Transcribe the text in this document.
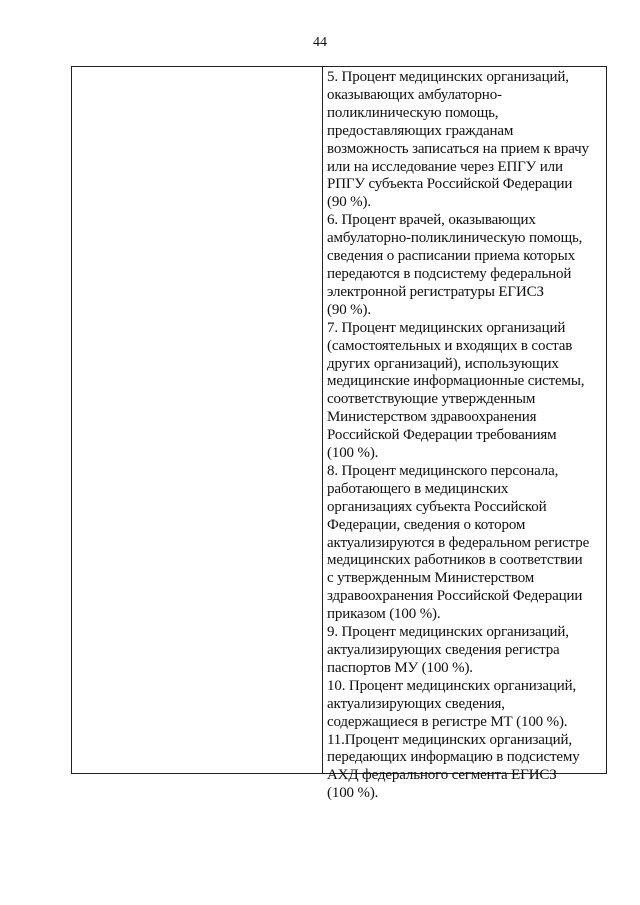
44
5. Процент медицинских организаций,
оказывающих амбулаторно-
поликлиническую помощь,
предоставляющих гражданам
возможность записаться на прием к врачу
или на исследование через ЕПГУ или
РПГУ субъекта Российской Федерации
(90 %).
6. Процент врачей, оказывающих
амбулаторно-поликлиническую помощь,
сведения о расписании приема которых
передаются в подсистему федеральной
электронной регистратуры ЕГИСЗ
(90 %).
7. Процент медицинских организаций
(самостоятельных и входящих в состав
других организаций), использующих
медицинские информационные системы,
соответствующие утвержденным
Министерством здравоохранения
Российской Федерации требованиям
(100 %).
8. Процент медицинского персонала,
работающего в медицинских
организациях субъекта Российской
Федерации, сведения о котором
актуализируются в федеральном регистре
медицинских работников в соответствии
с утвержденным Министерством
здравоохранения Российской Федерации
приказом (100 %).
9. Процент медицинских организаций,
актуализирующих сведения регистра
паспортов МУ (100 %).
10. Процент медицинских организаций,
актуализирующих сведения,
содержащиеся в регистре МТ (100 %).
11.Процент медицинских организаций,
передающих информацию в подсистему
АХД федерального сегмента ЕГИСЗ
(100 %).
